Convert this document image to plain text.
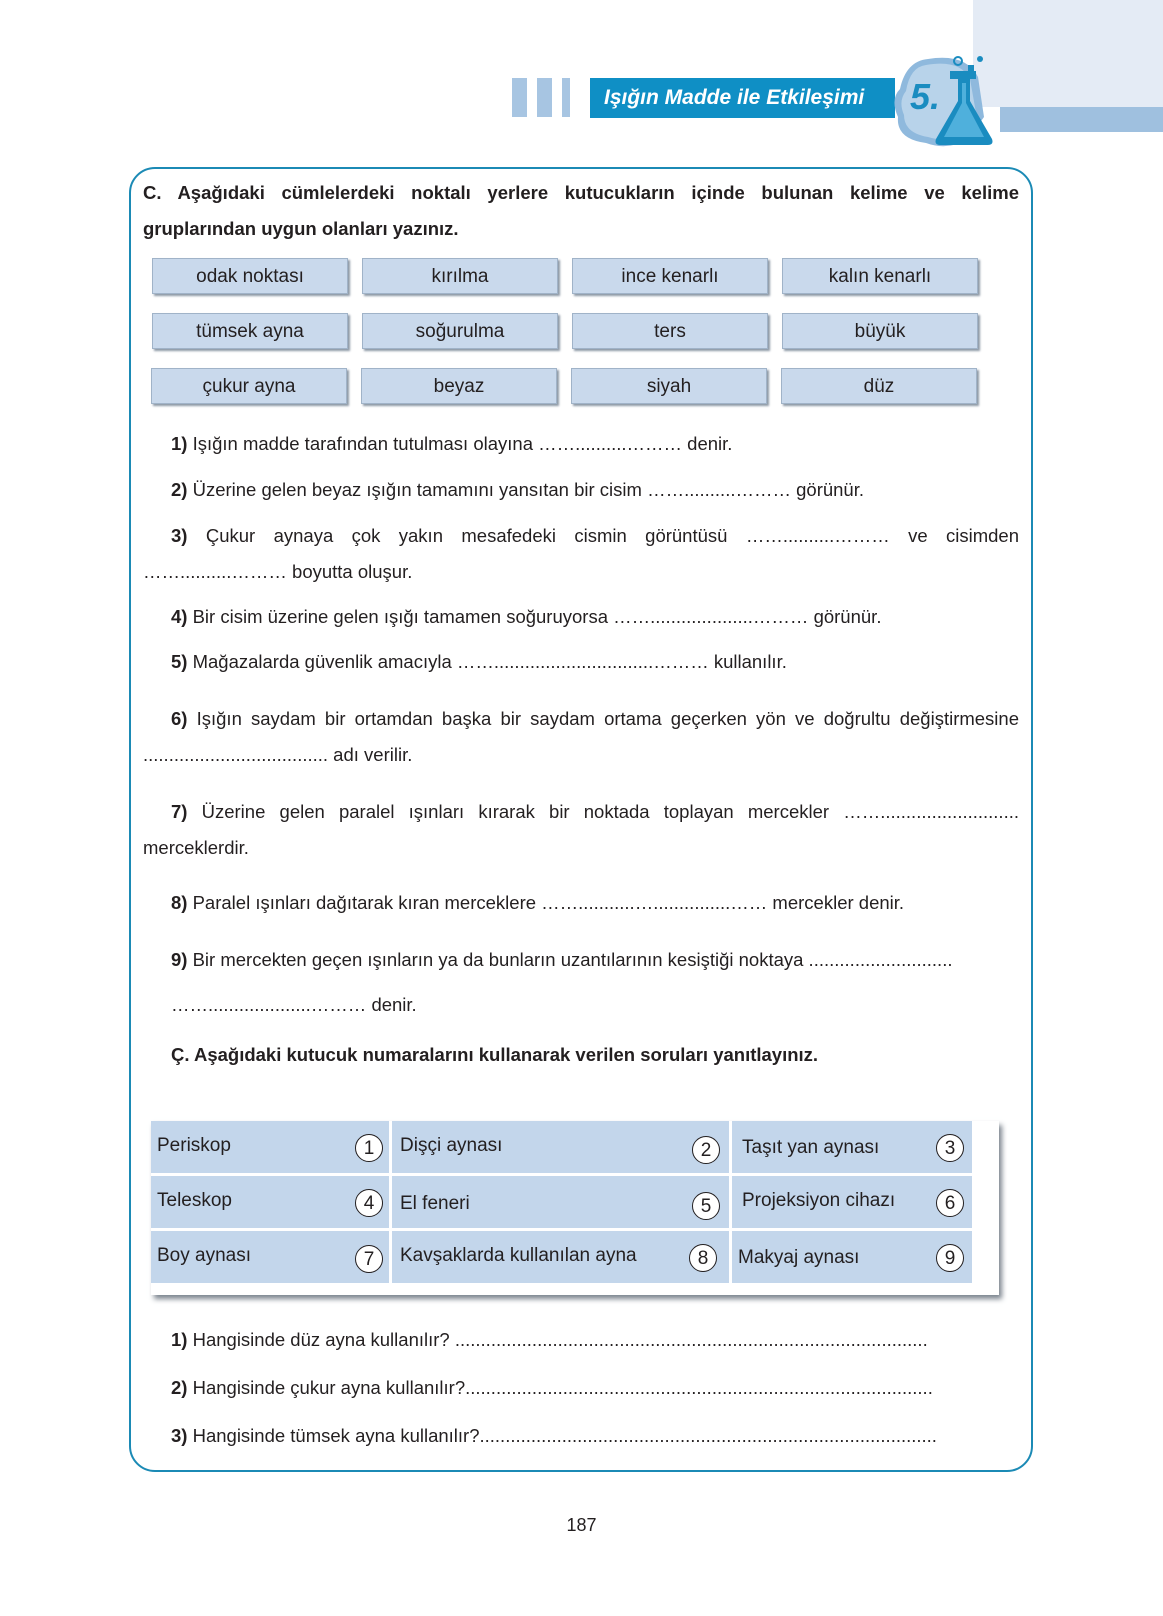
Işığın Madde ile Etkileşimi	5.
C. Aşağıdaki cümlelerdeki noktalı yerlere kutucukların içinde bulunan kelime ve kelime gruplarından uygun olanları yazınız.
odak noktası	kırılma	ince kenarlı	kalın kenarlı
tümsek ayna	soğurulma	ters	büyük
çukur ayna	beyaz	siyah	düz
1) Işığın madde tarafından tutulması olayına ……..........……… denir.
2) Üzerine gelen beyaz ışığın tamamını yansıtan bir cisim ……..........……… görünür.
3) Çukur aynaya çok yakın mesafedeki cismin görüntüsü ……..........……… ve cisimden ……..........……… boyutta oluşur.
4) Bir cisim üzerine gelen ışığı tamamen soğuruyorsa ……....................……… görünür.
5) Mağazalarda güvenlik amacıyla ……...............................……… kullanılır.
6) Işığın saydam bir ortamdan başka bir saydam ortama geçerken yön ve doğrultu değiştirmesine .................................... adı verilir.
7) Üzerine gelen paralel ışınları kırarak bir noktada toplayan mercekler ……........................... merceklerdir.
8) Paralel ışınları dağıtarak kıran merceklere ……...........…...............…… mercekler denir.
9) Bir mercekten geçen ışınların ya da bunların uzantılarının kesiştiği noktaya ............................
……....................……… denir.
Ç. Aşağıdaki kutucuk numaralarını kullanarak verilen soruları yanıtlayınız.
Periskop	1	Dişçi aynası	2	Taşıt yan aynası	3
Teleskop	4	El feneri	5	Projeksiyon cihazı	6
Boy aynası	7	Kavşaklarda kullanılan ayna	8	Makyaj aynası	9
1) Hangisinde düz ayna kullanılır? ............................................................................................
2) Hangisinde çukur ayna kullanılır?...........................................................................................
3) Hangisinde tümsek ayna kullanılır?.........................................................................................
187
